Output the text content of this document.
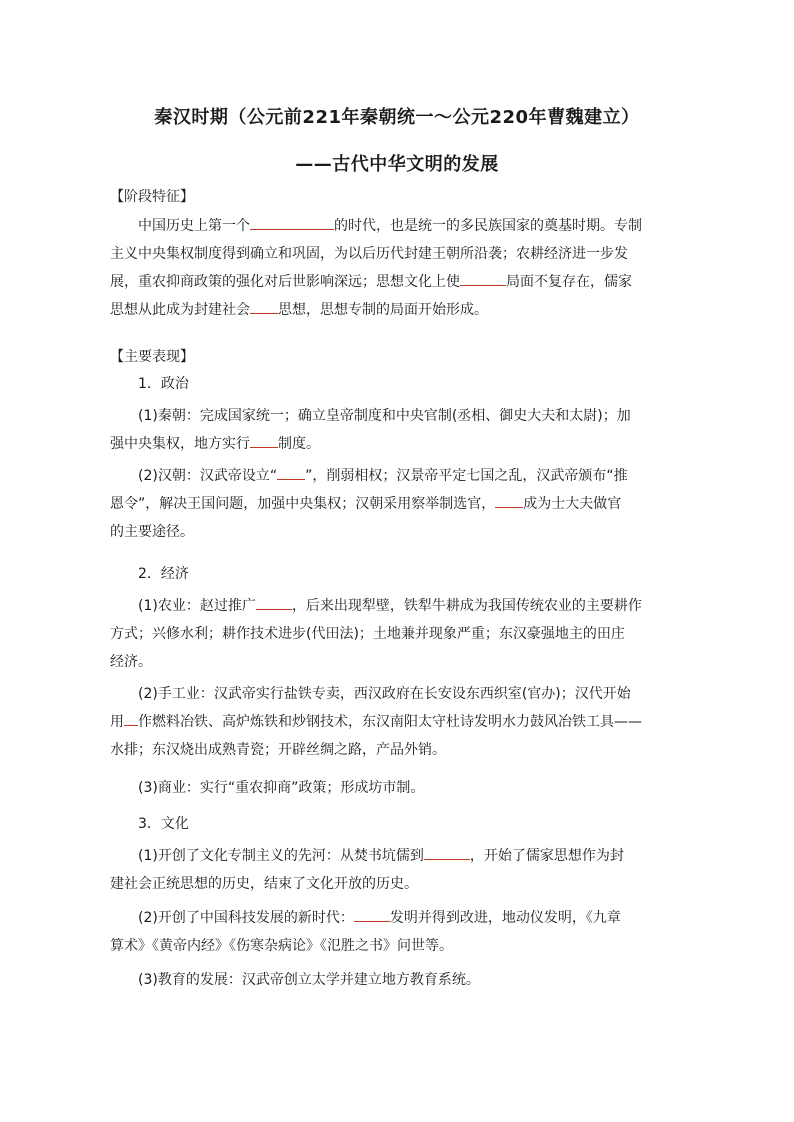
秦汉时期（公元前221年秦朝统一～公元220年曹魏建立）
——古代中华文明的发展
【阶段特征】
中国历史上第一个	的时代，也是统一的多民族国家的奠基时期。专制
主义中央集权制度得到确立和巩固，为以后历代封建王朝所沿袭；农耕经济进一步发
展，重农抑商政策的强化对后世影响深远；思想文化上使	局面不复存在，儒家
思想从此成为封建社会 思想，思想专制的局面开始形成。
【主要表现】
1．政治
(1)秦朝：完成国家统一；确立皇帝制度和中央官制(丞相、御史大夫和太尉)；加
强中央集权，地方实行 制度。
(2)汉朝：汉武帝设立“ ”，削弱相权；汉景帝平定七国之乱，汉武帝颁布“推
恩令”，解决王国问题，加强中央集权；汉朝采用察举制选官， 成为士大夫做官
的主要途径。
2．经济
(1)农业：赵过推广	，后来出现犁壁，铁犁牛耕成为我国传统农业的主要耕作
方式；兴修水利；耕作技术进步(代田法)；土地兼并现象严重；东汉豪强地主的田庄
经济。
(2)手工业：汉武帝实行盐铁专卖，西汉政府在长安设东西织室(官办)；汉代开始
用 作燃料冶铁、高炉炼铁和炒钢技术，东汉南阳太守杜诗发明水力鼓风冶铁工具——
水排；东汉烧出成熟青瓷；开辟丝绸之路，产品外销。
(3)商业：实行“重农抑商”政策；形成坊市制。
3．文化
(1)开创了文化专制主义的先河：从焚书坑儒到	，开始了儒家思想作为封
建社会正统思想的历史，结束了文化开放的历史。
(2)开创了中国科技发展的新时代：	发明并得到改进，地动仪发明，《九章
算术》《黄帝内经》《伤寒杂病论》《氾胜之书》问世等。
(3)教育的发展：汉武帝创立太学并建立地方教育系统。
